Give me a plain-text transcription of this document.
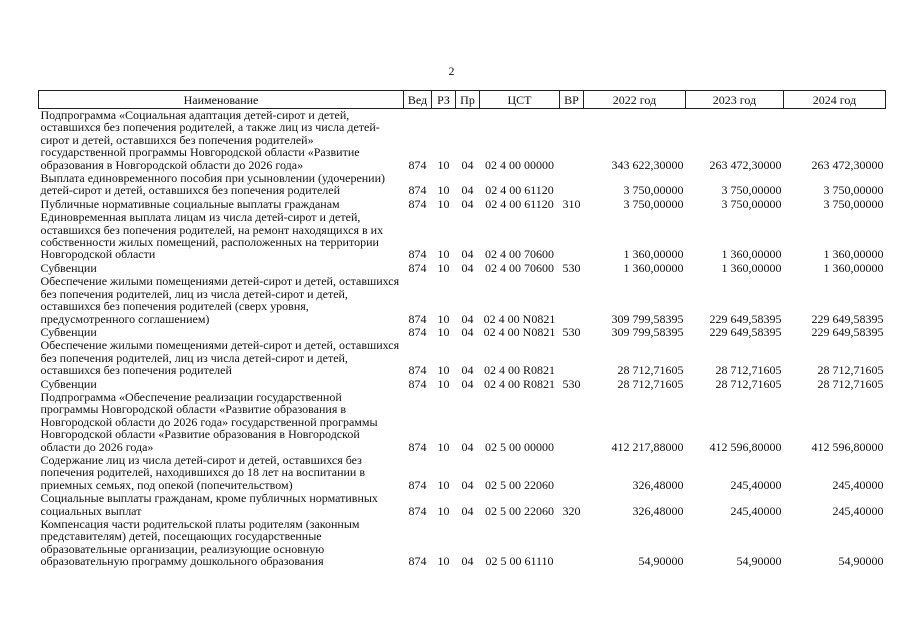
2
Наименование	Вед	РЗ	Пр	ЦСТ	ВР	2022 год	2023 год	2024 год
Подпрограмма «Социальная адаптация детей-сирот и детей, оставшихся без попечения родителей, а также лиц из числа детей-сирот и детей, оставшихся без попечения родителей» государственной программы Новгородской области «Развитие образования в Новгородской области до 2026 года»	874	10	04	02 4 00 00000		343 622,30000	263 472,30000	263 472,30000
Выплата единовременного пособия при усыновлении (удочерении) детей-сирот и детей, оставшихся без попечения родителей	874	10	04	02 4 00 61120		3 750,00000	3 750,00000	3 750,00000
Публичные нормативные социальные выплаты гражданам	874	10	04	02 4 00 61120	310	3 750,00000	3 750,00000	3 750,00000
Единовременная выплата лицам из числа детей-сирот и детей, оставшихся без попечения родителей, на ремонт находящихся в их собственности жилых помещений, расположенных на территории Новгородской области	874	10	04	02 4 00 70600		1 360,00000	1 360,00000	1 360,00000
Субвенции	874	10	04	02 4 00 70600	530	1 360,00000	1 360,00000	1 360,00000
Обеспечение жилыми помещениями детей-сирот и детей, оставшихся без попечения родителей, лиц из числа детей-сирот и детей, оставшихся без попечения родителей (сверх уровня, предусмотренного соглашением)	874	10	04	02 4 00 N0821		309 799,58395	229 649,58395	229 649,58395
Субвенции	874	10	04	02 4 00 N0821	530	309 799,58395	229 649,58395	229 649,58395
Обеспечение жилыми помещениями детей-сирот и детей, оставшихся без попечения родителей, лиц из числа детей-сирот и детей, оставшихся без попечения родителей	874	10	04	02 4 00 R0821		28 712,71605	28 712,71605	28 712,71605
Субвенции	874	10	04	02 4 00 R0821	530	28 712,71605	28 712,71605	28 712,71605
Подпрограмма «Обеспечение реализации государственной программы Новгородской области «Развитие образования в Новгородской области до 2026 года» государственной программы Новгородской области «Развитие образования в Новгородской области до 2026 года»	874	10	04	02 5 00 00000		412 217,88000	412 596,80000	412 596,80000
Содержание лиц из числа детей-сирот и детей, оставшихся без попечения родителей, находившихся до 18 лет на воспитании в приемных семьях, под опекой (попечительством)	874	10	04	02 5 00 22060		326,48000	245,40000	245,40000
Социальные выплаты гражданам, кроме публичных нормативных социальных выплат	874	10	04	02 5 00 22060	320	326,48000	245,40000	245,40000
Компенсация части родительской платы родителям (законным представителям) детей, посещающих государственные образовательные организации, реализующие основную образовательную программу дошкольного образования	874	10	04	02 5 00 61110		54,90000	54,90000	54,90000
